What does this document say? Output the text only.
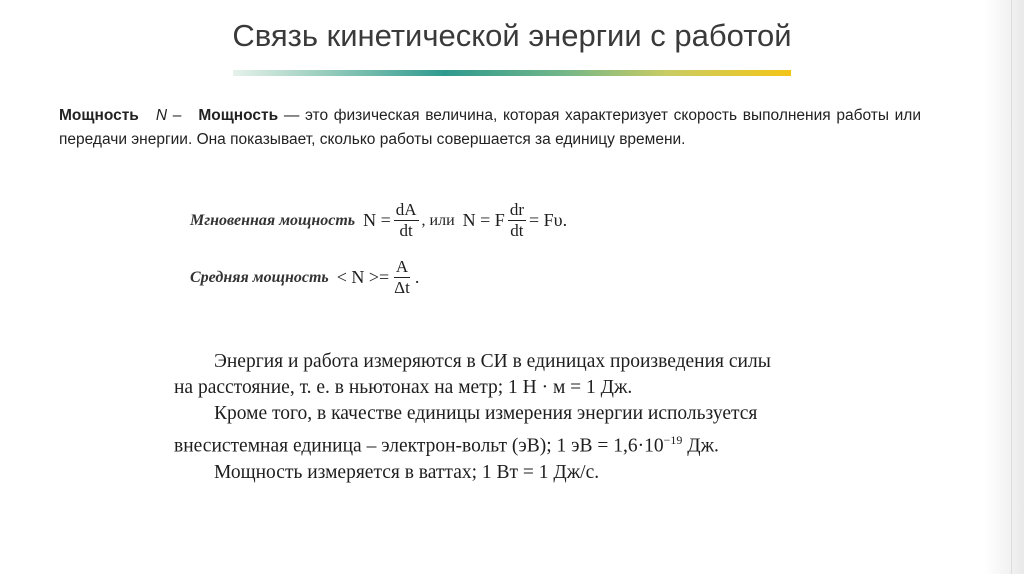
Связь кинетической энергии с работой
Мощность N –   Мощность — это физическая величина, которая характеризует скорость выполнения работы или передачи энергии. Она показывает, сколько работы совершается за единицу времени.
Мгновенная мощность $N = \frac{dA}{dt}$ , или
N = F $\frac{dr}{dt} = F\upsilon$.
Средняя мощность < $N >= \frac{A}{\Delta t}$ .
Энергия и работа измеряются в СИ в единицах произведения силы
на расстояние, т. е. в ньютонах на метр; 1 Н · м = 1 Дж.
Кроме того, в качестве единицы измерения энергии используется
внесистемная единица – электрон-вольт (эВ); 1 эВ = $1,6\cdot 10^{-19}$ Дж.
Мощность измеряется в ваттах; 1 Вт = 1 Дж/с.
